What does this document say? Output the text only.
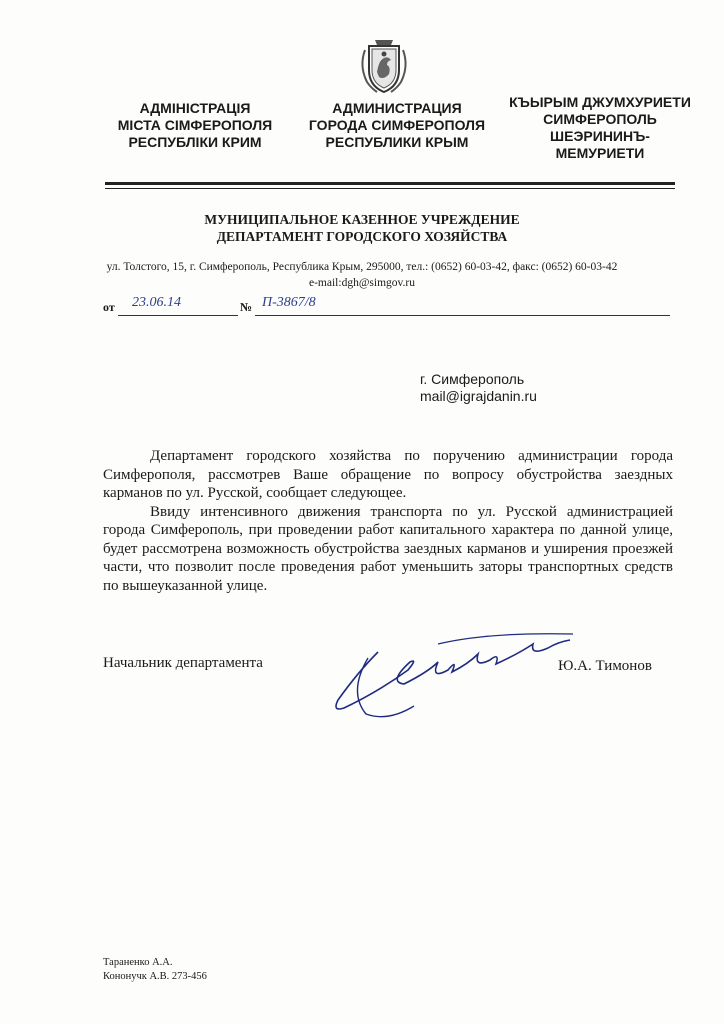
АДМІНІСТРАЦІЯ
МІСТА СІМФЕРОПОЛЯ
РЕСПУБЛІКИ КРИМ
АДМИНИСТРАЦИЯ
ГОРОДА СИМФЕРОПОЛЯ
РЕСПУБЛИКИ КРЫМ
КЪЫРЫМ ДЖУМХУРИЕТИ
СИМФЕРОПОЛЬ
ШЕЭРИНИНЪ-
МЕМУРИЕТИ
МУНИЦИПАЛЬНОЕ КАЗЕННОЕ УЧРЕЖДЕНИЕ
ДЕПАРТАМЕНТ ГОРОДСКОГО ХОЗЯЙСТВА
ул. Толстого, 15, г. Симферополь, Республика Крым, 295000, тел.: (0652) 60-03-42, факс: (0652) 60-03-42
e-mail:dgh@simgov.ru
от 23.06.14	№ П-3867/8
г. Симферополь
mail@igrajdanin.ru

Департамент городского хозяйства по поручению администрации города Симферополя, рассмотрев Ваше обращение по вопросу обустройства заездных карманов по ул. Русской, сообщает следующее.

Ввиду интенсивного движения транспорта по ул. Русской администрацией города Симферополь, при проведении работ капитального характера по данной улице, будет рассмотрена возможность обустройства заездных карманов и уширения проезжей части, что позволит после проведения работ уменьшить заторы транспортных средств по вышеуказанной улице.

Начальник департамента	Ю.А. Тимонов
Тараненко А.А.
Кононучк А.В. 273-456
